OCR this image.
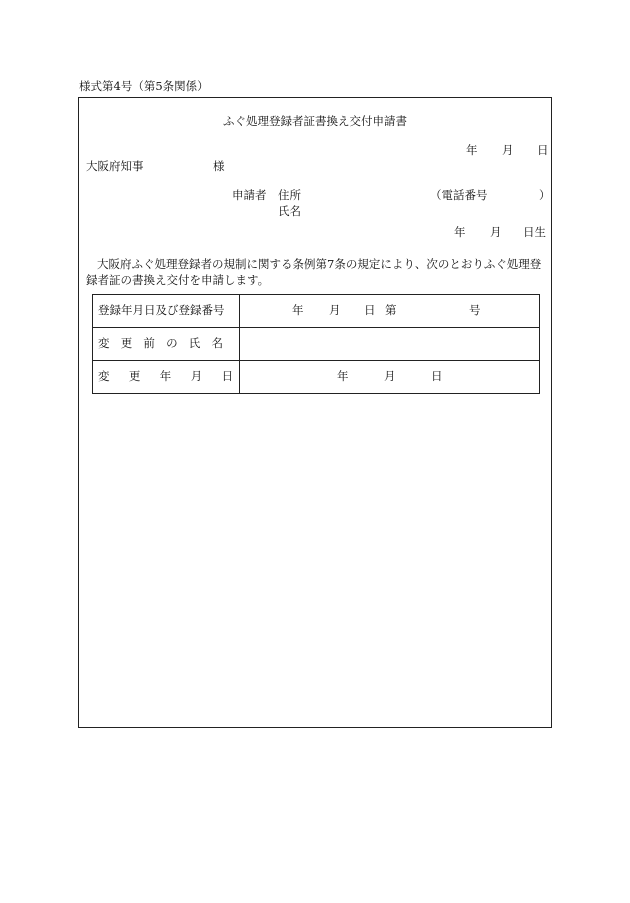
様式第4号（第5条関係）
ふぐ処理登録者証書換え交付申請書
年 月 日
大阪府知事	様
申請者 住所	（電話番号	）
氏名
年 月 日生
大阪府ふぐ処理登録者の規制に関する条例第7条の規定により、次のとおりふぐ処理登録者証の書換え交付を申請します。
登録年月日及び登録番号	年 月 日 第 号

変更前の氏名	

変更年月日	年 月 日
